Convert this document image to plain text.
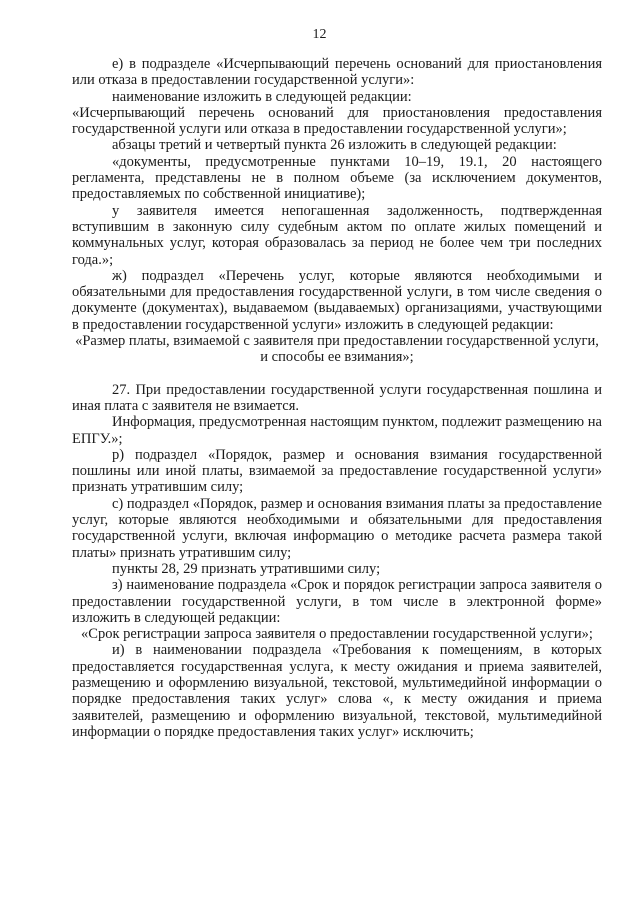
12

е) в подразделе «Исчерпывающий перечень оснований для приостановления или отказа в предоставлении государственной услуги»:

наименование изложить в следующей редакции:

«Исчерпывающий перечень оснований для приостановления предоставления государственной услуги или отказа в предоставлении государственной услуги»;

абзацы третий и четвертый пункта 26 изложить в следующей редакции:

«документы, предусмотренные пунктами 10–19, 19.1, 20 настоящего регламента, представлены не в полном объеме (за исключением документов, предоставляемых по собственной инициативе);

у заявителя имеется непогашенная задолженность, подтвержденная вступившим в законную силу судебным актом по оплате жилых помещений и коммунальных услуг, которая образовалась за период не более чем три последних года.»;

ж) подраздел «Перечень услуг, которые являются необходимыми и обязательными для предоставления государственной услуги, в том числе сведения о документе (документах), выдаваемом (выдаваемых) организациями, участвующими в предоставлении государственной услуги» изложить в следующей редакции:

«Размер платы, взимаемой с заявителя при предоставлении государственной услуги, и способы ее взимания»;

27. При предоставлении государственной услуги государственная пошлина и иная плата с заявителя не взимается.

Информация, предусмотренная настоящим пунктом, подлежит размещению на ЕПГУ.»;

р) подраздел «Порядок, размер и основания взимания государственной пошлины или иной платы, взимаемой за предоставление государственной услуги» признать утратившим силу;

с) подраздел «Порядок, размер и основания взимания платы за предоставление услуг, которые являются необходимыми и обязательными для предоставления государственной услуги, включая информацию о методике расчета размера такой платы» признать утратившим силу;

пункты 28, 29 признать утратившими силу;

з) наименование подраздела «Срок и порядок регистрации запроса заявителя о предоставлении государственной услуги, в том числе в электронной форме» изложить в следующей редакции:

«Срок регистрации запроса заявителя о предоставлении государственной услуги»;

и) в наименовании подраздела «Требования к помещениям, в которых предоставляется государственная услуга, к месту ожидания и приема заявителей, размещению и оформлению визуальной, текстовой, мультимедийной информации о порядке предоставления таких услуг» слова «, к месту ожидания и приема заявителей, размещению и оформлению визуальной, текстовой, мультимедийной информации о порядке предоставления таких услуг» исключить;
